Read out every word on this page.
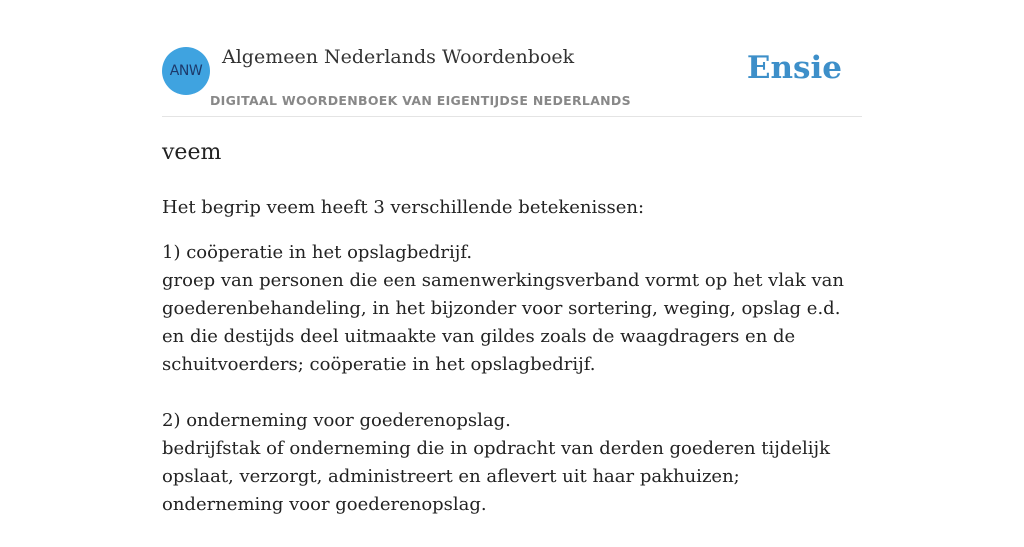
ANW
Algemeen Nederlands Woordenboek
DIGITAAL WOORDENBOEK VAN EIGENTIJDSE NEDERLANDS
Ensie
veem
Het begrip veem heeft 3 verschillende betekenissen:
1) coöperatie in het opslagbedrijf.
groep van personen die een samenwerkingsverband vormt op het vlak van goederenbehandeling, in het bijzonder voor sortering, weging, opslag e.d. en die destijds deel uitmaakte van gildes zoals de waagdragers en de schuitvoerders; coöperatie in het opslagbedrijf.
2) onderneming voor goederenopslag.
bedrijfstak of onderneming die in opdracht van derden goederen tijdelijk opslaat, verzorgt, administreert en aflevert uit haar pakhuizen; onderneming voor goederenopslag.
